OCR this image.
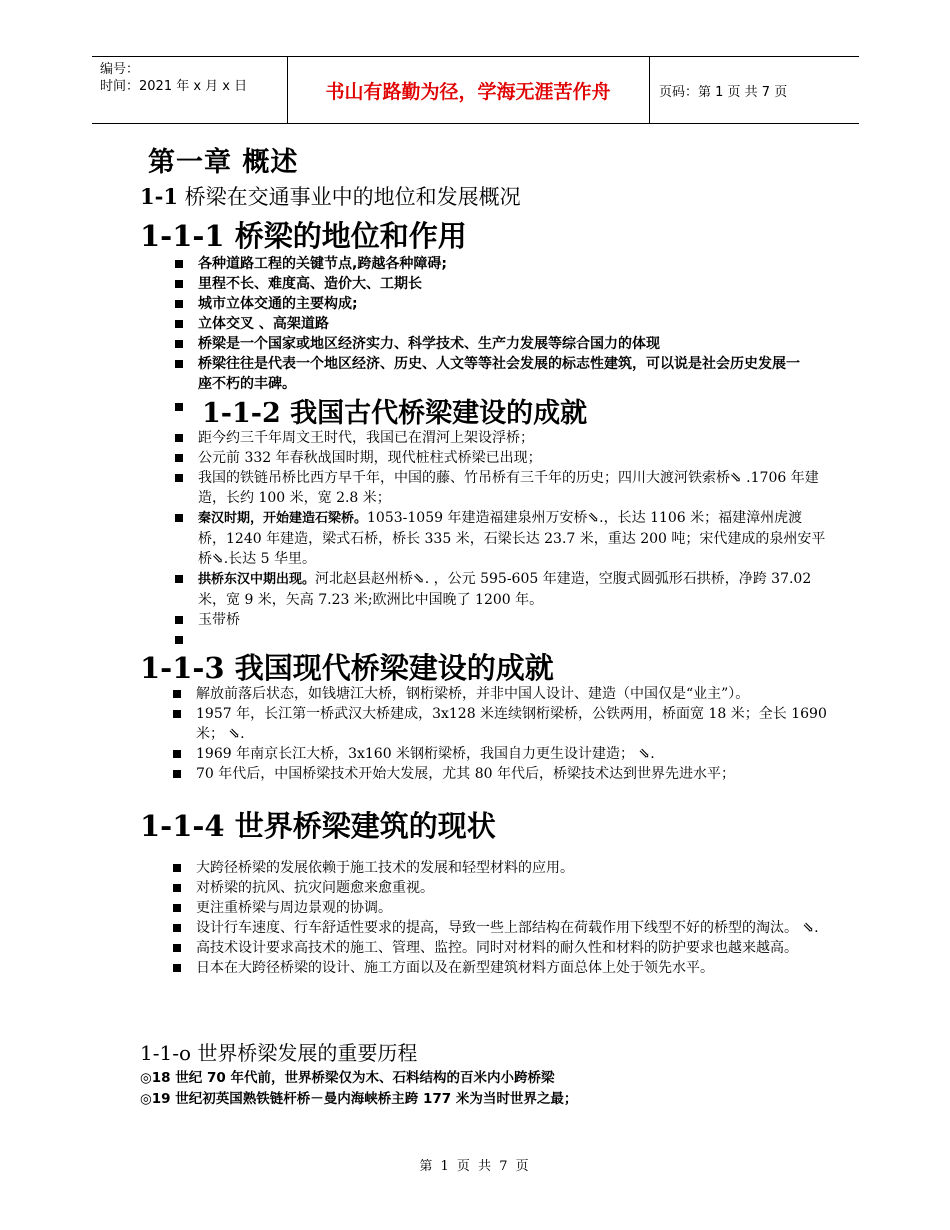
编号：
时间：2021 年 x 月 x 日	书山有路勤为径，学海无涯苦作舟	页码：第 1 页 共 7 页
第一章 概述
1-1 桥梁在交通事业中的地位和发展概况
1-1-1 桥梁的地位和作用
各种道路工程的关键节点,跨越各种障碍;
里程不长、难度高、造价大、工期长
城市立体交通的主要构成;
立体交叉 、高架道路
桥梁是一个国家或地区经济实力、科学技术、生产力发展等综合国力的体现
桥梁往往是代表一个地区经济、历史、人文等等社会发展的标志性建筑，可以说是社会历史发展一座不朽的丰碑。
1-1-2 我国古代桥梁建设的成就
距今约三千年周文王时代，我国已在渭河上架设浮桥；
公元前 332 年春秋战国时期，现代桩柱式桥梁已出现；
我国的铁链吊桥比西方早千年，中国的藤、竹吊桥有三千年的历史；四川大渡河铁索桥⇘ .1706 年建造，长约 100 米，宽 2.8 米；
秦汉时期，开始建造石梁桥。1053-1059 年建造福建泉州万安桥⇘.，长达 1106 米；福建漳州虎渡桥，1240 年建造，梁式石桥，桥长 335 米，石梁长达 23.7 米，重达 200 吨；宋代建成的泉州安平桥⇘.长达 5 华里。
拱桥东汉中期出现。河北赵县赵州桥⇘. ，公元 595-605 年建造，空腹式圆弧形石拱桥，净跨 37.02 米，宽 9 米，矢高 7.23 米;欧洲比中国晚了 1200 年。
玉带桥
1-1-3 我国现代桥梁建设的成就
解放前落后状态，如钱塘江大桥，钢桁梁桥，并非中国人设计、建造（中国仅是“业主”）。
1957 年，长江第一桥武汉大桥建成，3x128 米连续钢桁梁桥，公铁两用，桥面宽 18 米；全长 1690 米； ⇘.
1969 年南京长江大桥，3x160 米钢桁梁桥，我国自力更生设计建造； ⇘.
70 年代后，中国桥梁技术开始大发展，尤其 80 年代后，桥梁技术达到世界先进水平；
1-1-4 世界桥梁建筑的现状
大跨径桥梁的发展依赖于施工技术的发展和轻型材料的应用。
对桥梁的抗风、抗灾问题愈来愈重视。
更注重桥梁与周边景观的协调。
设计行车速度、行车舒适性要求的提高，导致一些上部结构在荷载作用下线型不好的桥型的淘汰。 ⇘.
高技术设计要求高技术的施工、管理、监控。同时对材料的耐久性和材料的防护要求也越来越高。
日本在大跨径桥梁的设计、施工方面以及在新型建筑材料方面总体上处于领先水平。
1-1-o 世界桥梁发展的重要历程
◎18 世纪 70 年代前，世界桥梁仅为木、石料结构的百米内小跨桥梁
◎19 世纪初英国熟铁链杆桥－曼内海峡桥主跨 177 米为当时世界之最；
第 1 页 共 7 页
